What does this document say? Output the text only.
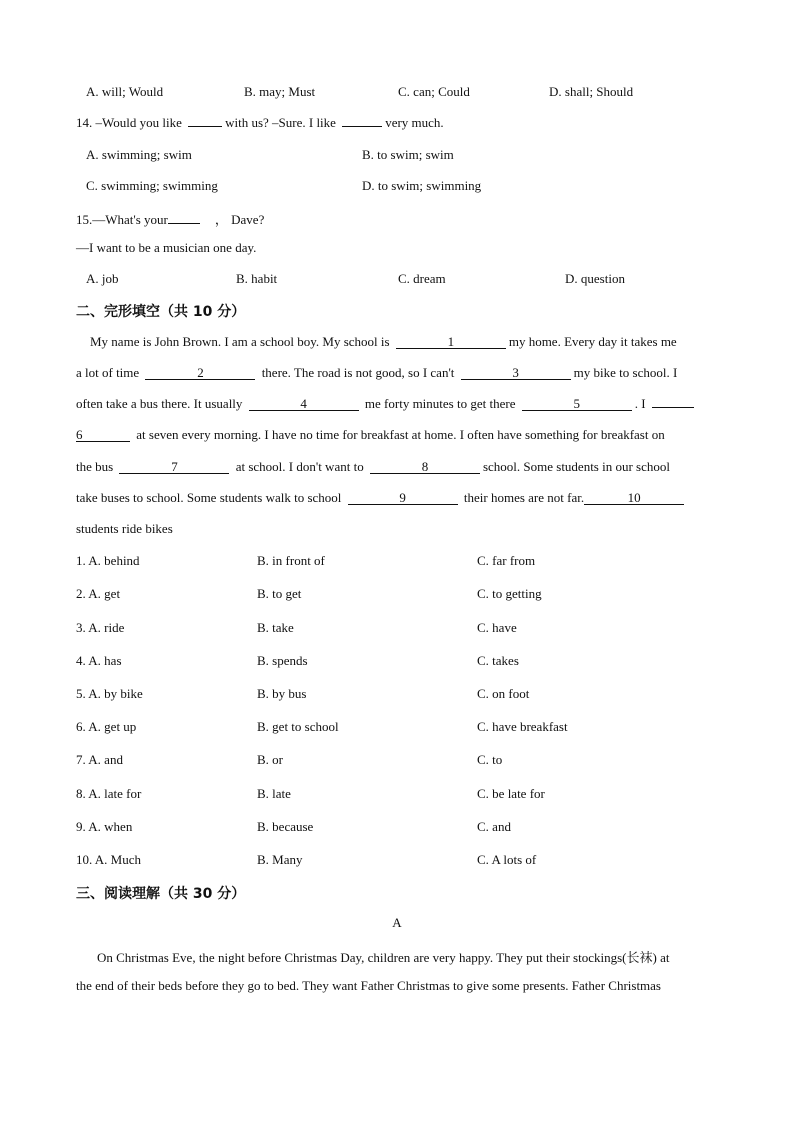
A. will; Would	B. may; Must	C. can; Could	D. shall; Should
14. –Would you like	with us? –Sure. I like	very much.
A. swimming; swim	B. to swim; swim
C. swimming; swimming	D. to swim; swimming
15.—What's your	， Dave?
—I want to be a musician one day.
A. job	B. habit	C. dream	D. question
二、完形填空（共 10 分）
My name is John Brown. I am a school boy. My school is	1	my home. Every day it takes me
a lot of time	2	there. The road is not good, so I can't	3	my bike to school. I
often take a bus there. It usually	4	me forty minutes to get there	5	. I
6	at seven every morning. I have no time for breakfast at home. I often have something for breakfast on
the bus	7	at school. I don't want to	8	school. Some students in our school
take buses to school. Some students walk to school	9	their homes are not far.	10
students ride bikes
1. A. behind	B. in front of	C. far from
2. A. get	B. to get	C. to getting
3. A. ride	B. take	C. have
4. A. has	B. spends	C. takes
5. A. by bike	B. by bus	C. on foot
6. A. get up	B. get to school	C. have breakfast
7. A. and	B. or	C. to
8. A. late for	B. late	C. be late for
9. A. when	B. because	C. and
10. A. Much	B. Many	C. A lots of
三、阅读理解（共 30 分）
A
On Christmas Eve, the night before Christmas Day, children are very happy. They put their stockings(长袜) at
the end of their beds before they go to bed. They want Father Christmas to give some presents. Father Christmas
